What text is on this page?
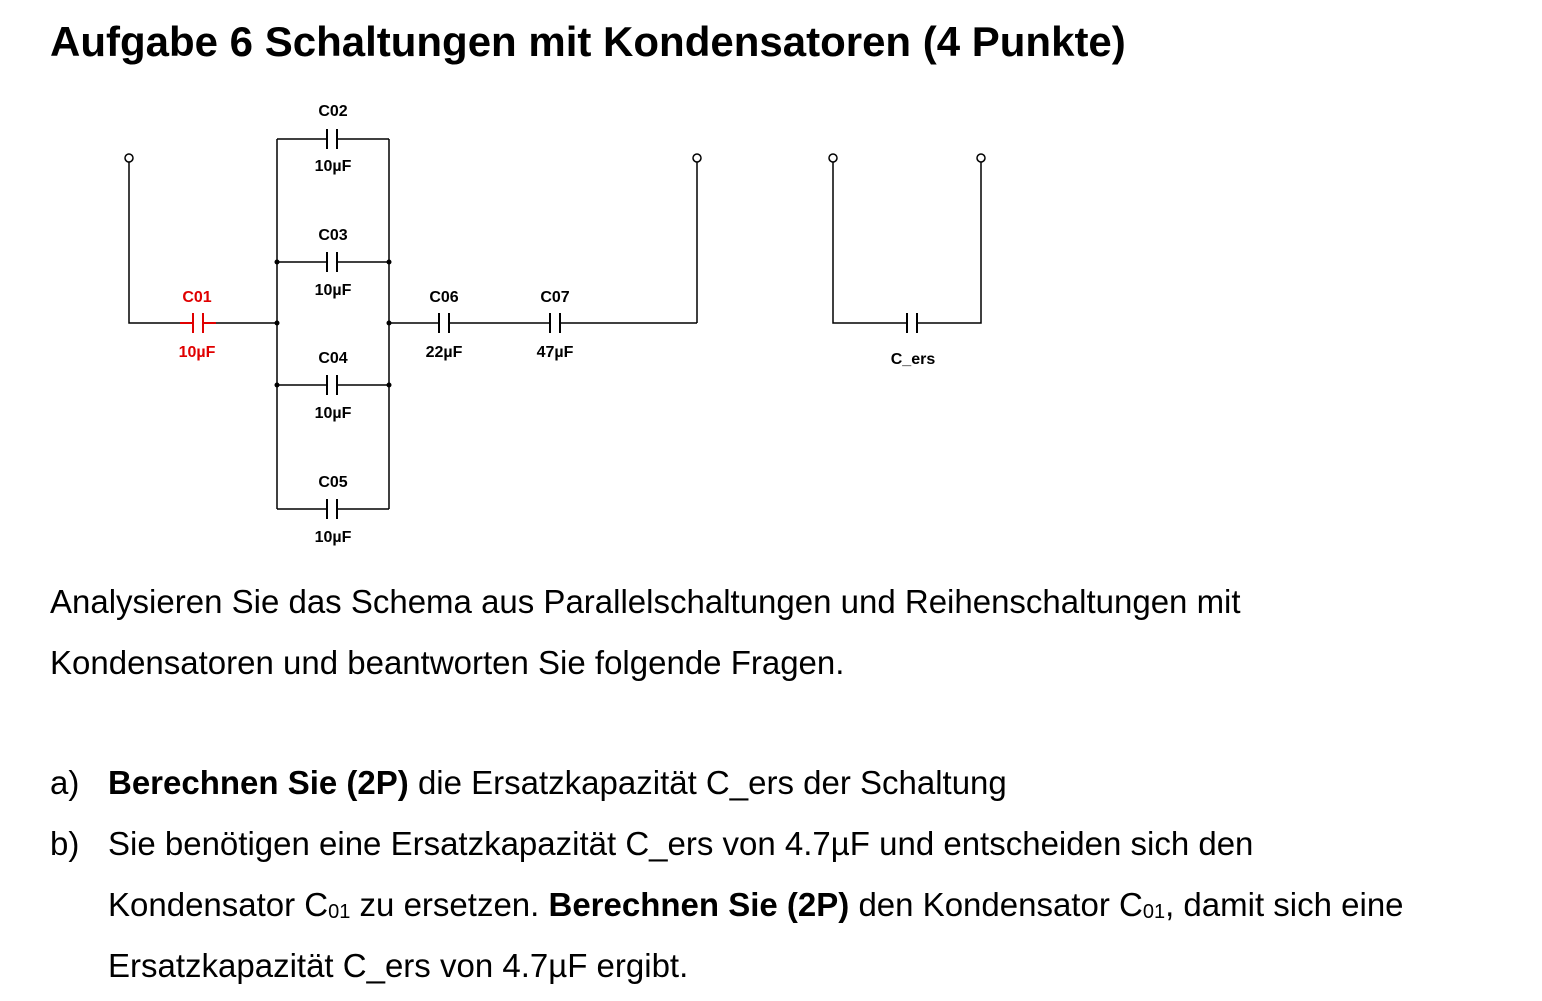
Aufgabe 6 Schaltungen mit Kondensatoren (4 Punkte)
C01
10µF
C02
10µF
C03
10µF
C04
10µF
C05
10µF
C06
22µF
C07
47µF	C_ers
Analysieren Sie das Schema aus Parallelschaltungen und Reihenschaltungen mit
Kondensatoren und beantworten Sie folgende Fragen.
a) Berechnen Sie (2P) die Ersatzkapazität C_ers der Schaltung
b) Sie benötigen eine Ersatzkapazität C_ers von 4.7µF und entscheiden sich den
Kondensator $C_{01}$ zu ersetzen. Berechnen Sie (2P) den Kondensator $C_{01}$, damit sich eine
Ersatzkapazität C_ers von 4.7µF ergibt.
